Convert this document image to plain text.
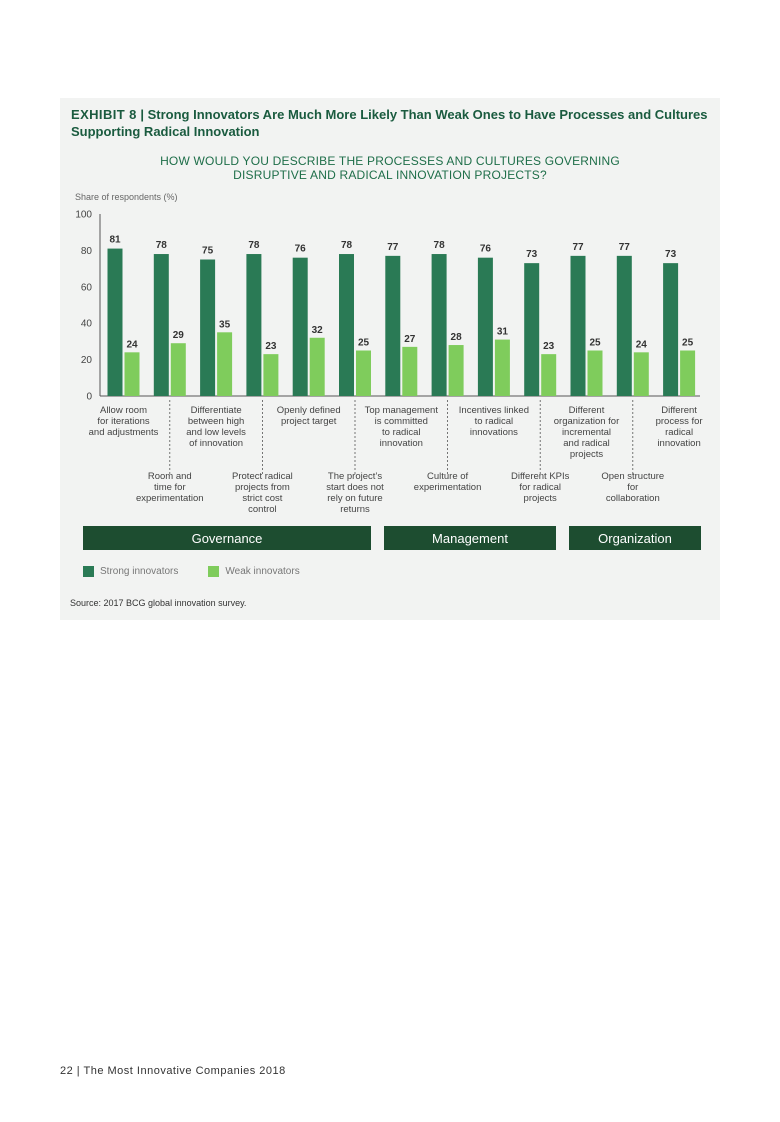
EXHIBIT 8 | Strong Innovators Are Much More Likely Than Weak Ones to Have Processes and Cultures Supporting Radical Innovation
HOW WOULD YOU DESCRIBE THE PROCESSES AND CULTURES GOVERNING DISRUPTIVE AND RADICAL INNOVATION PROJECTS?
Share of respondents (%)
0
20
40
60
80
100
81
24
78
29
75
35
78
23
76
32
78
25
77
27
78
28
76
31
73
23
77
25
77
24
73
25
Allow room
for iterations
and adjustments
Differentiate
between high
and low levels
of innovation
Openly defined
project target
Top management
is committed
to radical
innovation
Incentives linked
to radical
innovations
Different
organization for
incremental
and radical
projects
Different
process for
radical
innovation
Room and
time for
experimentation
Protect radical
projects from
strict cost
control
The project’s
start does not
rely on future
returns
Culture of
experimentation
Different KPIs
for radical
projects
Open structure
for
collaboration
Governance	Management	Organization
Strong innovators	Weak innovators
Source: 2017 BCG global innovation survey.
22 | The Most Innovative Companies 2018
